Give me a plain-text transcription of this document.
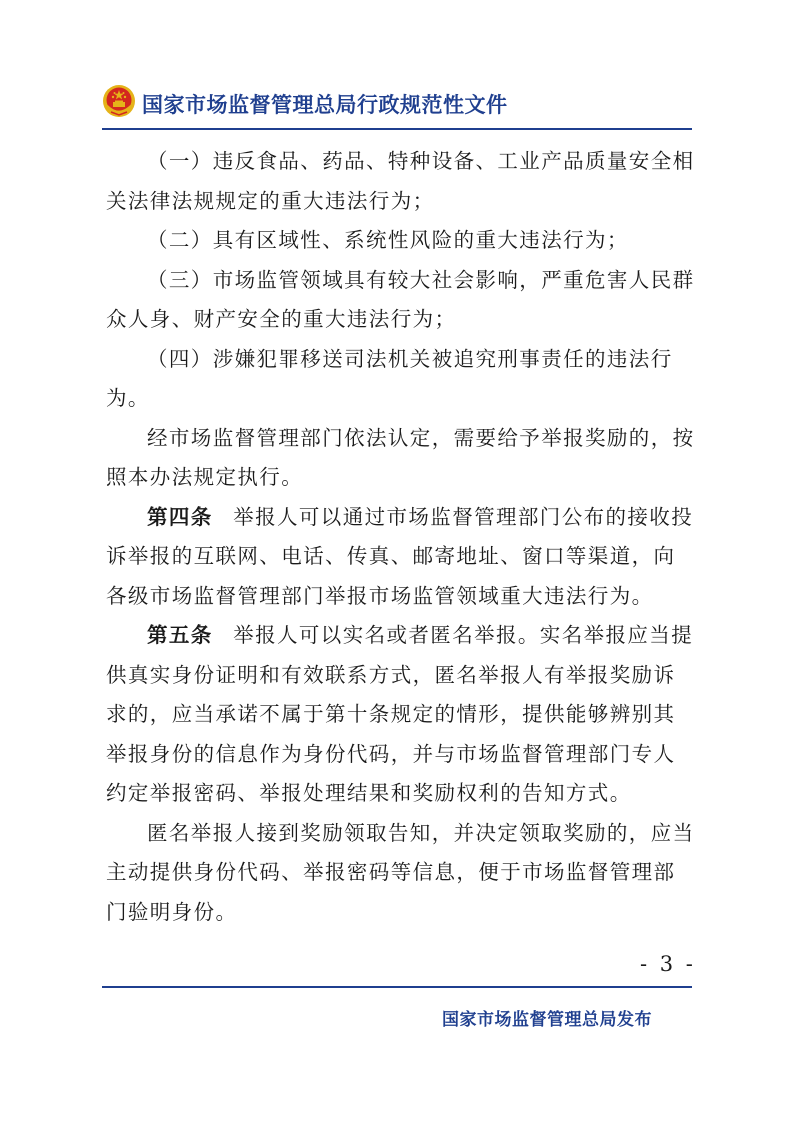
国家市场监督管理总局行政规范性文件

（一）违反食品、药品、特种设备、工业产品质量安全相关法律法规规定的重大违法行为；

（二）具有区域性、系统性风险的重大违法行为；

（三）市场监管领域具有较大社会影响，严重危害人民群众人身、财产安全的重大违法行为；

（四）涉嫌犯罪移送司法机关被追究刑事责任的违法行为。

经市场监督管理部门依法认定，需要给予举报奖励的，按照本办法规定执行。

第四条 举报人可以通过市场监督管理部门公布的接收投诉举报的互联网、电话、传真、邮寄地址、窗口等渠道，向各级市场监督管理部门举报市场监管领域重大违法行为。

第五条 举报人可以实名或者匿名举报。实名举报应当提供真实身份证明和有效联系方式，匿名举报人有举报奖励诉求的，应当承诺不属于第十条规定的情形，提供能够辨别其举报身份的信息作为身份代码，并与市场监督管理部门专人约定举报密码、举报处理结果和奖励权利的告知方式。

匿名举报人接到奖励领取告知，并决定领取奖励的，应当主动提供身份代码、举报密码等信息，便于市场监督管理部门验明身份。

- 3 -
国家市场监督管理总局发布
